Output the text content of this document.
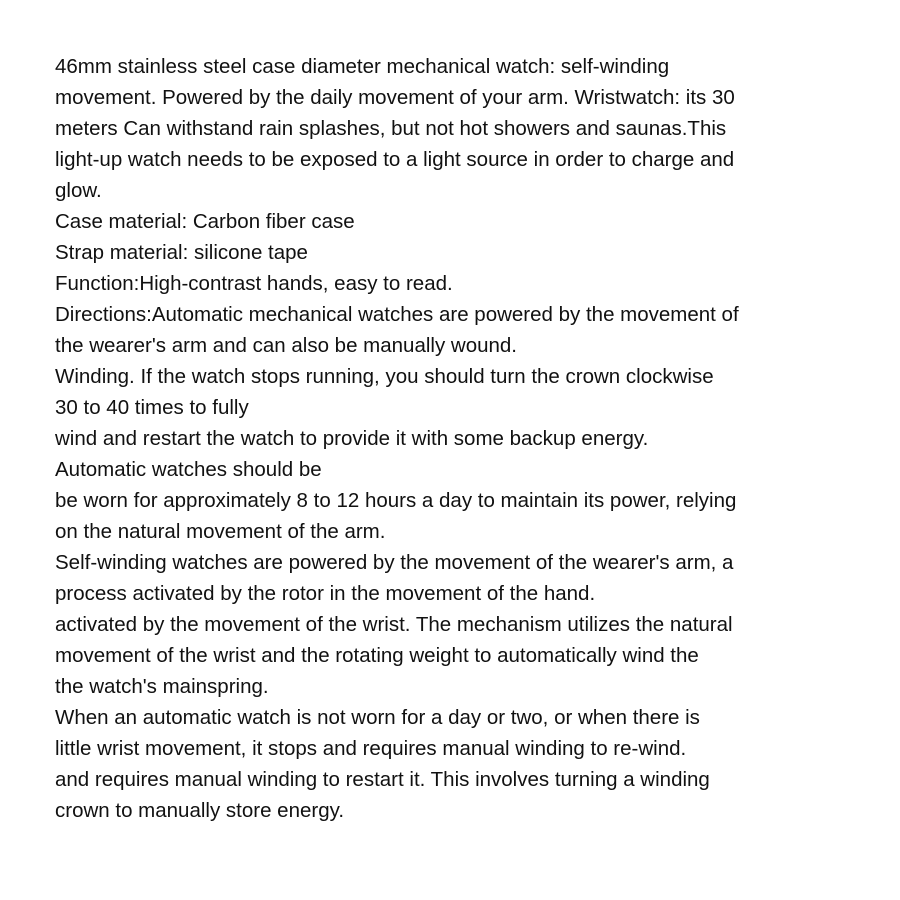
46mm stainless steel case diameter mechanical watch: self-winding
movement. Powered by the daily movement of your arm. Wristwatch: its 30
meters Can withstand rain splashes, but not hot showers and saunas.This
light-up watch needs to be exposed to a light source in order to charge and
glow.
Case material: Carbon fiber case
Strap material: silicone tape
Function:High-contrast hands, easy to read.
Directions:Automatic mechanical watches are powered by the movement of
the wearer's arm and can also be manually wound.
Winding. If the watch stops running, you should turn the crown clockwise
30 to 40 times to fully
wind and restart the watch to provide it with some backup energy.
Automatic watches should be
be worn for approximately 8 to 12 hours a day to maintain its power, relying
on the natural movement of the arm.
Self-winding watches are powered by the movement of the wearer's arm, a
process activated by the rotor in the movement of the hand.
activated by the movement of the wrist. The mechanism utilizes the natural
movement of the wrist and the rotating weight to automatically wind the
the watch's mainspring.
When an automatic watch is not worn for a day or two, or when there is
little wrist movement, it stops and requires manual winding to re-wind.
and requires manual winding to restart it. This involves turning a winding
crown to manually store energy.
